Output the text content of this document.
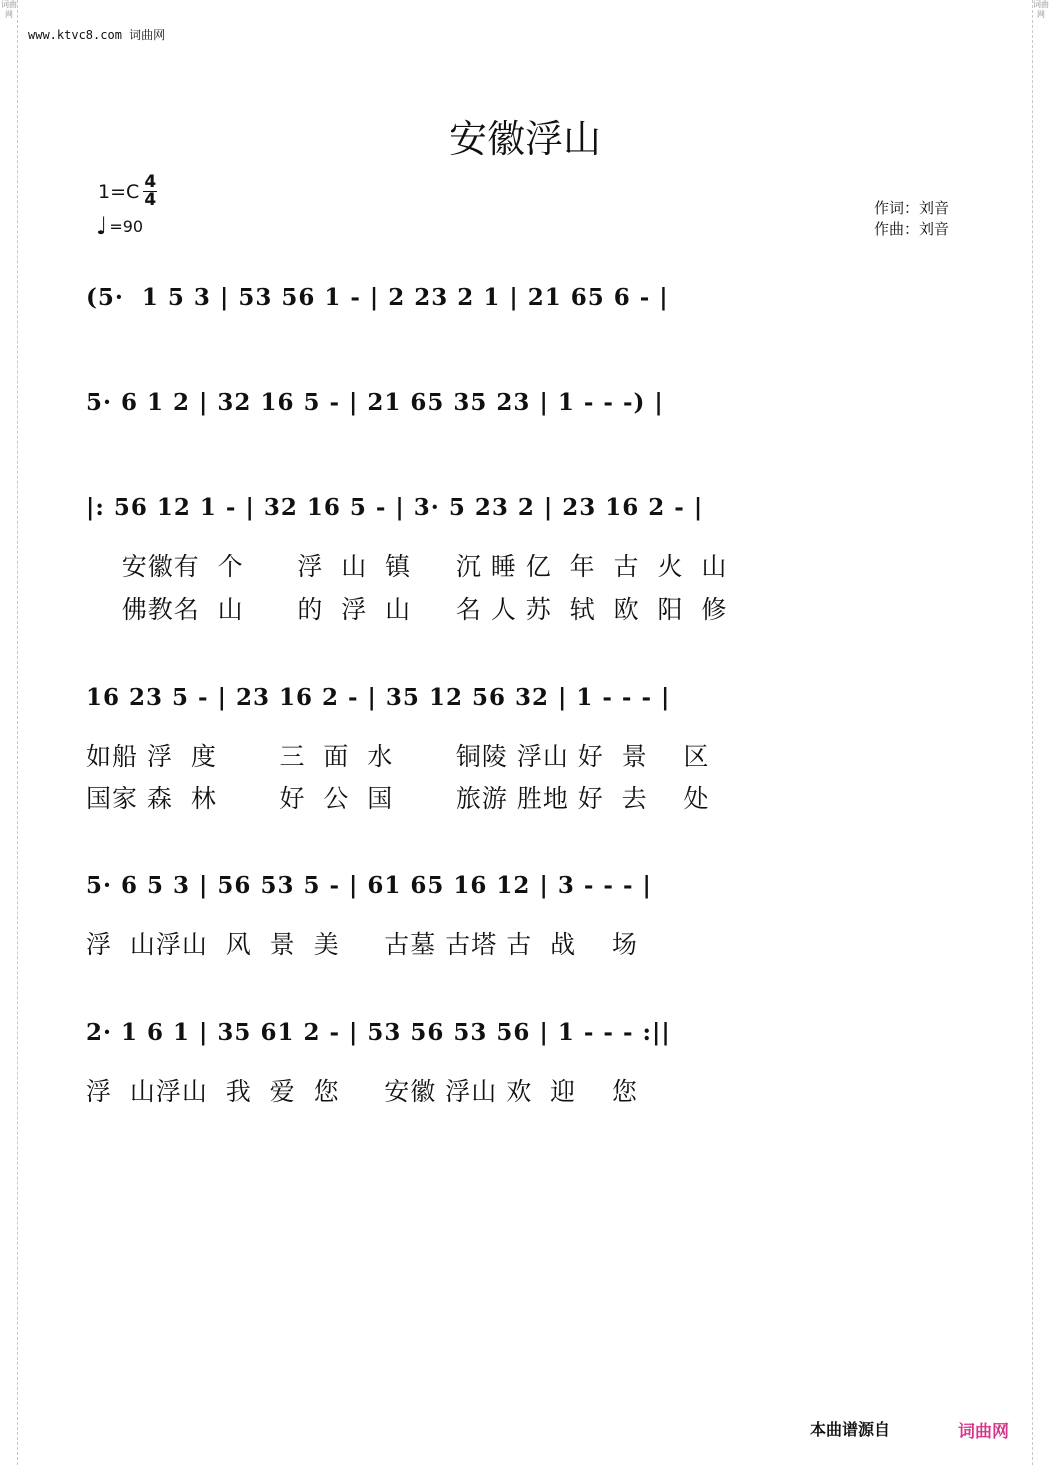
词曲网
词曲网
www.ktvc8.com 词曲网
安徽浮山
$1=C \frac{4}{4}$
♩ =90
作词：刘音
作曲：刘音
(5·  1 5 3 | 53 56 1 - | 2 23 2 1 | 21 65 6 - |
5· 6 1 2 | 32 16 5 - | 21 65 35 23 | 1 - - -) |
|: 56 12 1 - | 32 16 5 - | 3· 5 23 2 | 23 16 2 - |
安徽有  个      浮  山  镇     沉 睡 亿  年  古  火  山
佛教名  山      的  浮  山     名 人 苏  轼  欧  阳  修
16 23 5 - | 23 16 2 - | 35 12 56 32 | 1 - - - |
如船 浮  度       三  面  水       铜陵 浮山 好  景    区
国家 森  林       好  公  国       旅游 胜地 好  去    处
5· 6 5 3 | 56 53 5 - | 61 65 16 12 | 3 - - - |
浮  山浮山  风  景  美     古墓 古塔 古  战    场
2· 1 6 1 | 35 61 2 - | 53 56 53 56 | 1 - - - :||
浮  山浮山  我  爱  您     安徽 浮山 欢  迎    您
本曲谱源自	词曲网
